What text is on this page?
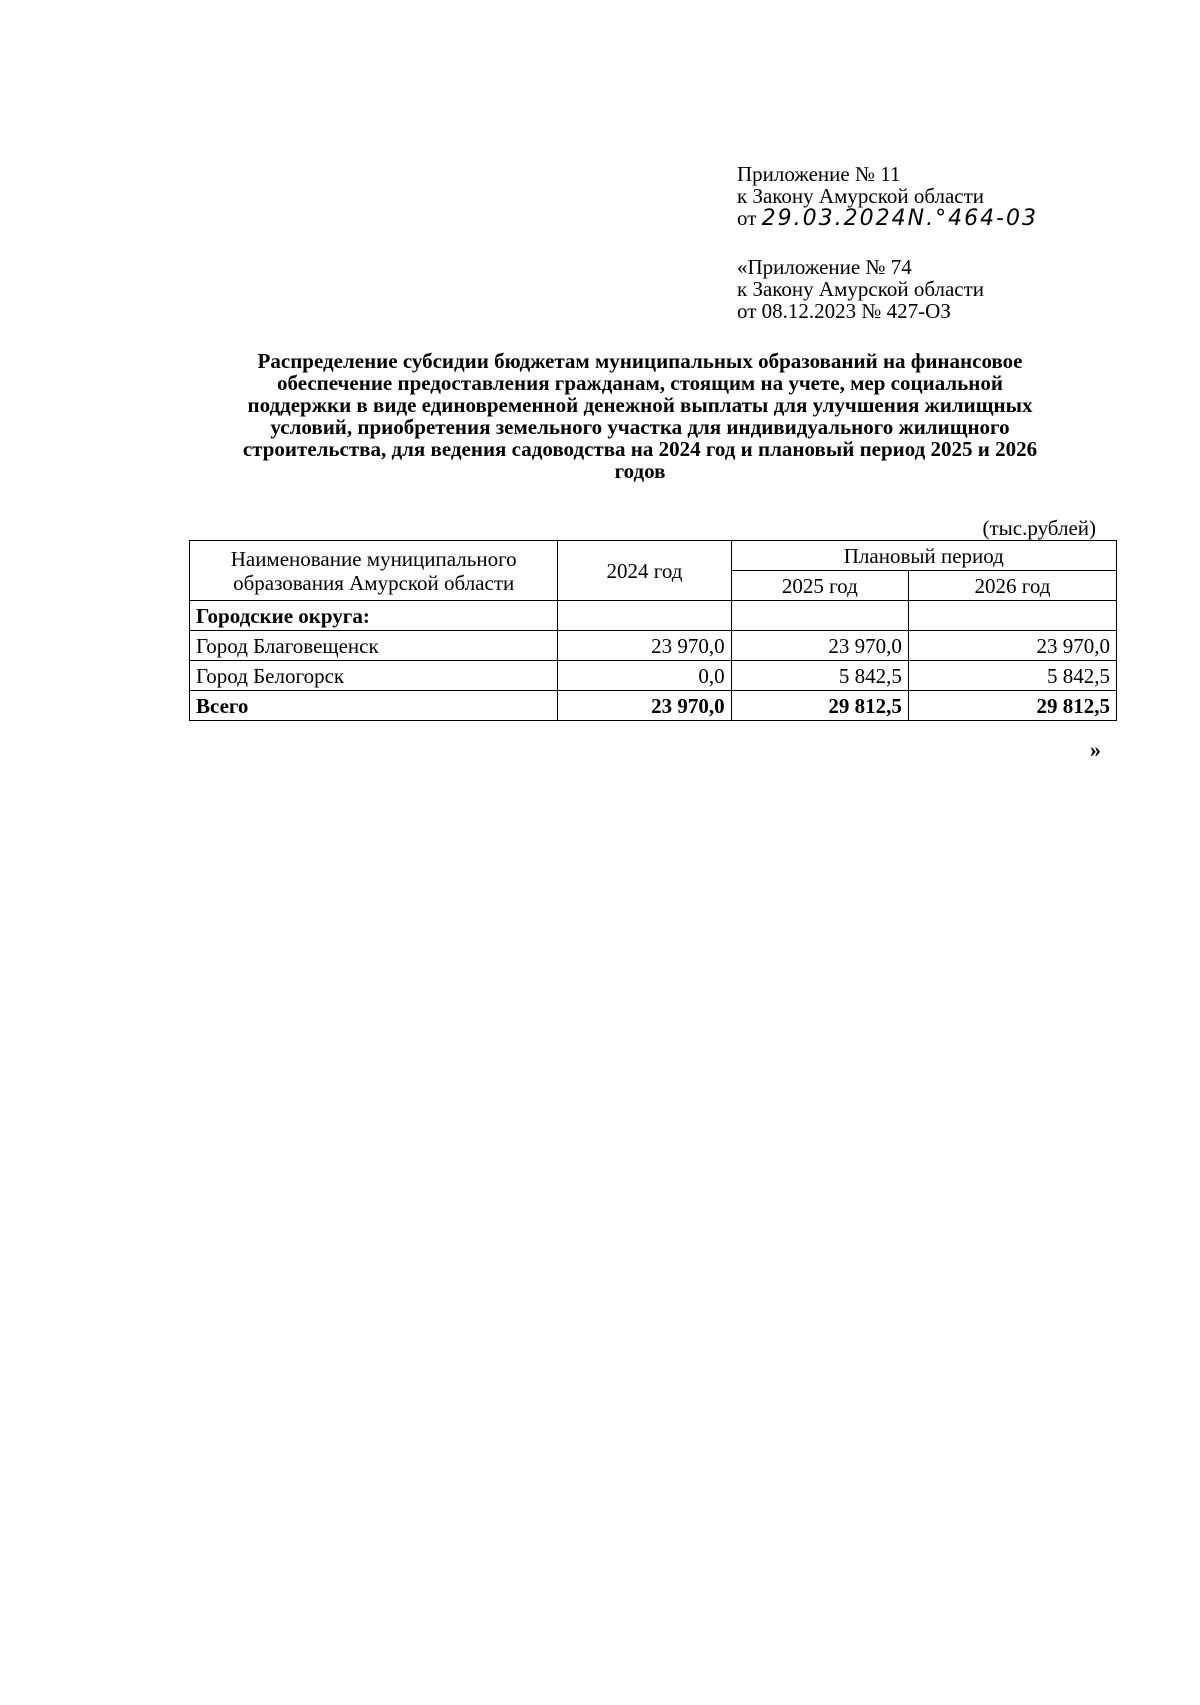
Приложение № 11
к Закону Амурской области
от 29.03.2024N.°464-03
«Приложение № 74
к Закону Амурской области
от 08.12.2023 № 427-ОЗ
Распределение субсидии бюджетам муниципальных образований на финансовое
обеспечение предоставления гражданам, стоящим на учете, мер социальной
поддержки в виде единовременной денежной выплаты для улучшения жилищных
условий, приобретения земельного участка для индивидуального жилищного
строительства, для ведения садоводства на 2024 год и плановый период 2025 и 2026
годов
(тыс.рублей)
Наименование муниципального
образования Амурской области	2024 год	Плановый период	
		2025 год	2026 год
Городские округа:			
Город Благовещенск	23 970,0	23 970,0	23 970,0
Город Белогорск	0,0	5 842,5	5 842,5
Всего	23 970,0	29 812,5	29 812,5
»
